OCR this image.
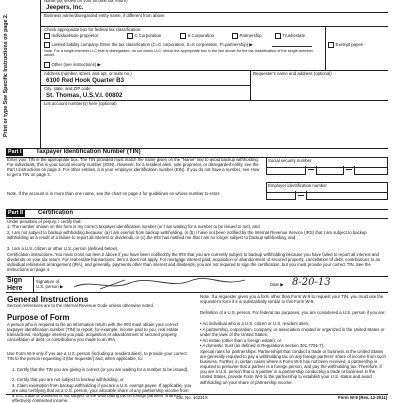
Print or type See Specific Instructions on page 2.
Name (as shown on your income tax return)
Jeepers, Inc.
Business name/disregarded entity name, if different from above
Check appropriate box for federal tax classification:
Individual/sole proprietor	C Corporation	S Corporation	Partnership	Trust/estate
Exempt payee
Limited liability company. Enter the tax classification (C=C corporation, S=S corporation, P=partnership) ▶
Note. For a single-member LLC that is disregarded, do not check LLC; check the appropriate box in the line above for the tax classification of the single-member owner.
Other (see instructions) ▶
Address (number, street, and apt. or suite no.)
6100 Red Hook Quarter B3
Requester's name and address (optional)
City, state, and ZIP code
St. Thomas, U.S.V.I. 00802
List account number(s) here (optional)
Part I	Taxpayer Identification Number (TIN)
Enter your TIN in the appropriate box. The TIN provided must match the name given on the "Name" line to avoid backup withholding. For individuals, this is your social security number (SSN). However, for a resident alien, sole proprietor, or disregarded entity, see the Part I instructions on page 3. For other entities, it is your employer identification number (EIN). If you do not have a number, see How to get a TIN on page 3.
Note. If the account is in more than one name, see the chart on page 4 for guidelines on whose number to enter.
Social security number
Employer identification number
Part II	Certification
Under penalties of perjury, I certify that:
1. The number shown on this form is my correct taxpayer identification number (or I am waiting for a number to be issued to me), and
2. I am not subject to backup withholding because: (a) I am exempt from backup withholding, or (b) I have not been notified by the Internal Revenue Service (IRS) that I am subject to backup withholding as a result of a failure to report all interest or dividends, or (c) the IRS has notified me that I am no longer subject to backup withholding, and
3. I am a U.S. citizen or other U.S. person (defined below).
Certification instructions. You must cross out item 2 above if you have been notified by the IRS that you are currently subject to backup withholding because you have failed to report all interest and dividends on your tax return. For real estate transactions, item 2 does not apply. For mortgage interest paid, acquisition or abandonment of secured property, cancellation of debt, contributions to an individual retirement arrangement (IRA), and generally, payments other than interest and dividends, you are not required to sign the certification, but you must provide your correct TIN. See the instructions on page 4.
Sign Here
Signature of U.S. person ▶	Date ▶ 8-20-13
General Instructions
Section references are to the Internal Revenue Code unless otherwise noted.
Purpose of Form
A person who is required to file an information return with the IRS must obtain your correct taxpayer identification number (TIN) to report, for example, income paid to you, real estate transactions, mortgage interest you paid, acquisition or abandonment of secured property, cancellation of debt, or contributions you made to an IRA.
Use Form W-9 only if you are a U.S. person (including a resident alien), to provide your correct TIN to the person requesting it (the requester) and, when applicable, to:
1. Certify that the TIN you are giving is correct (or you are waiting for a number to be issued),
2. Certify that you are not subject to backup withholding, or
3. Claim exemption from backup withholding if you are a U.S. exempt payee. If applicable, you are also certifying that as a U.S. person, your allocable share of any partnership income from a U.S. trade or business is not subject to the withholding tax on foreign partners' share of effectively connected income.
Note. If a requester gives you a form other than Form W-9 to request your TIN, you must use the requester's form if it is substantially similar to this Form W-9.
Definition of a U.S. person. For federal tax purposes, you are considered a U.S. person if you are:
• An individual who is a U.S. citizen or U.S. resident alien,
• A partnership, corporation, company, or association created or organized in the United States or under the laws of the United States,
• An estate (other than a foreign estate), or
• A domestic trust (as defined in Regulations section 301.7701-7).
Special rules for partnerships. Partnerships that conduct a trade or business in the United States are generally required to pay a withholding tax on any foreign partners' share of income from such business. Further, in certain cases where a Form W-9 has not been received, a partnership is required to presume that a partner is a foreign person, and pay the withholding tax. Therefore, if you are a U.S. person that is a partner in a partnership conducting a trade or business in the United States, provide Form W-9 to the partnership to establish your U.S. status and avoid withholding on your share of partnership income.
Cat. No. 10231X	Form W-9 (Rev. 12-2011)
